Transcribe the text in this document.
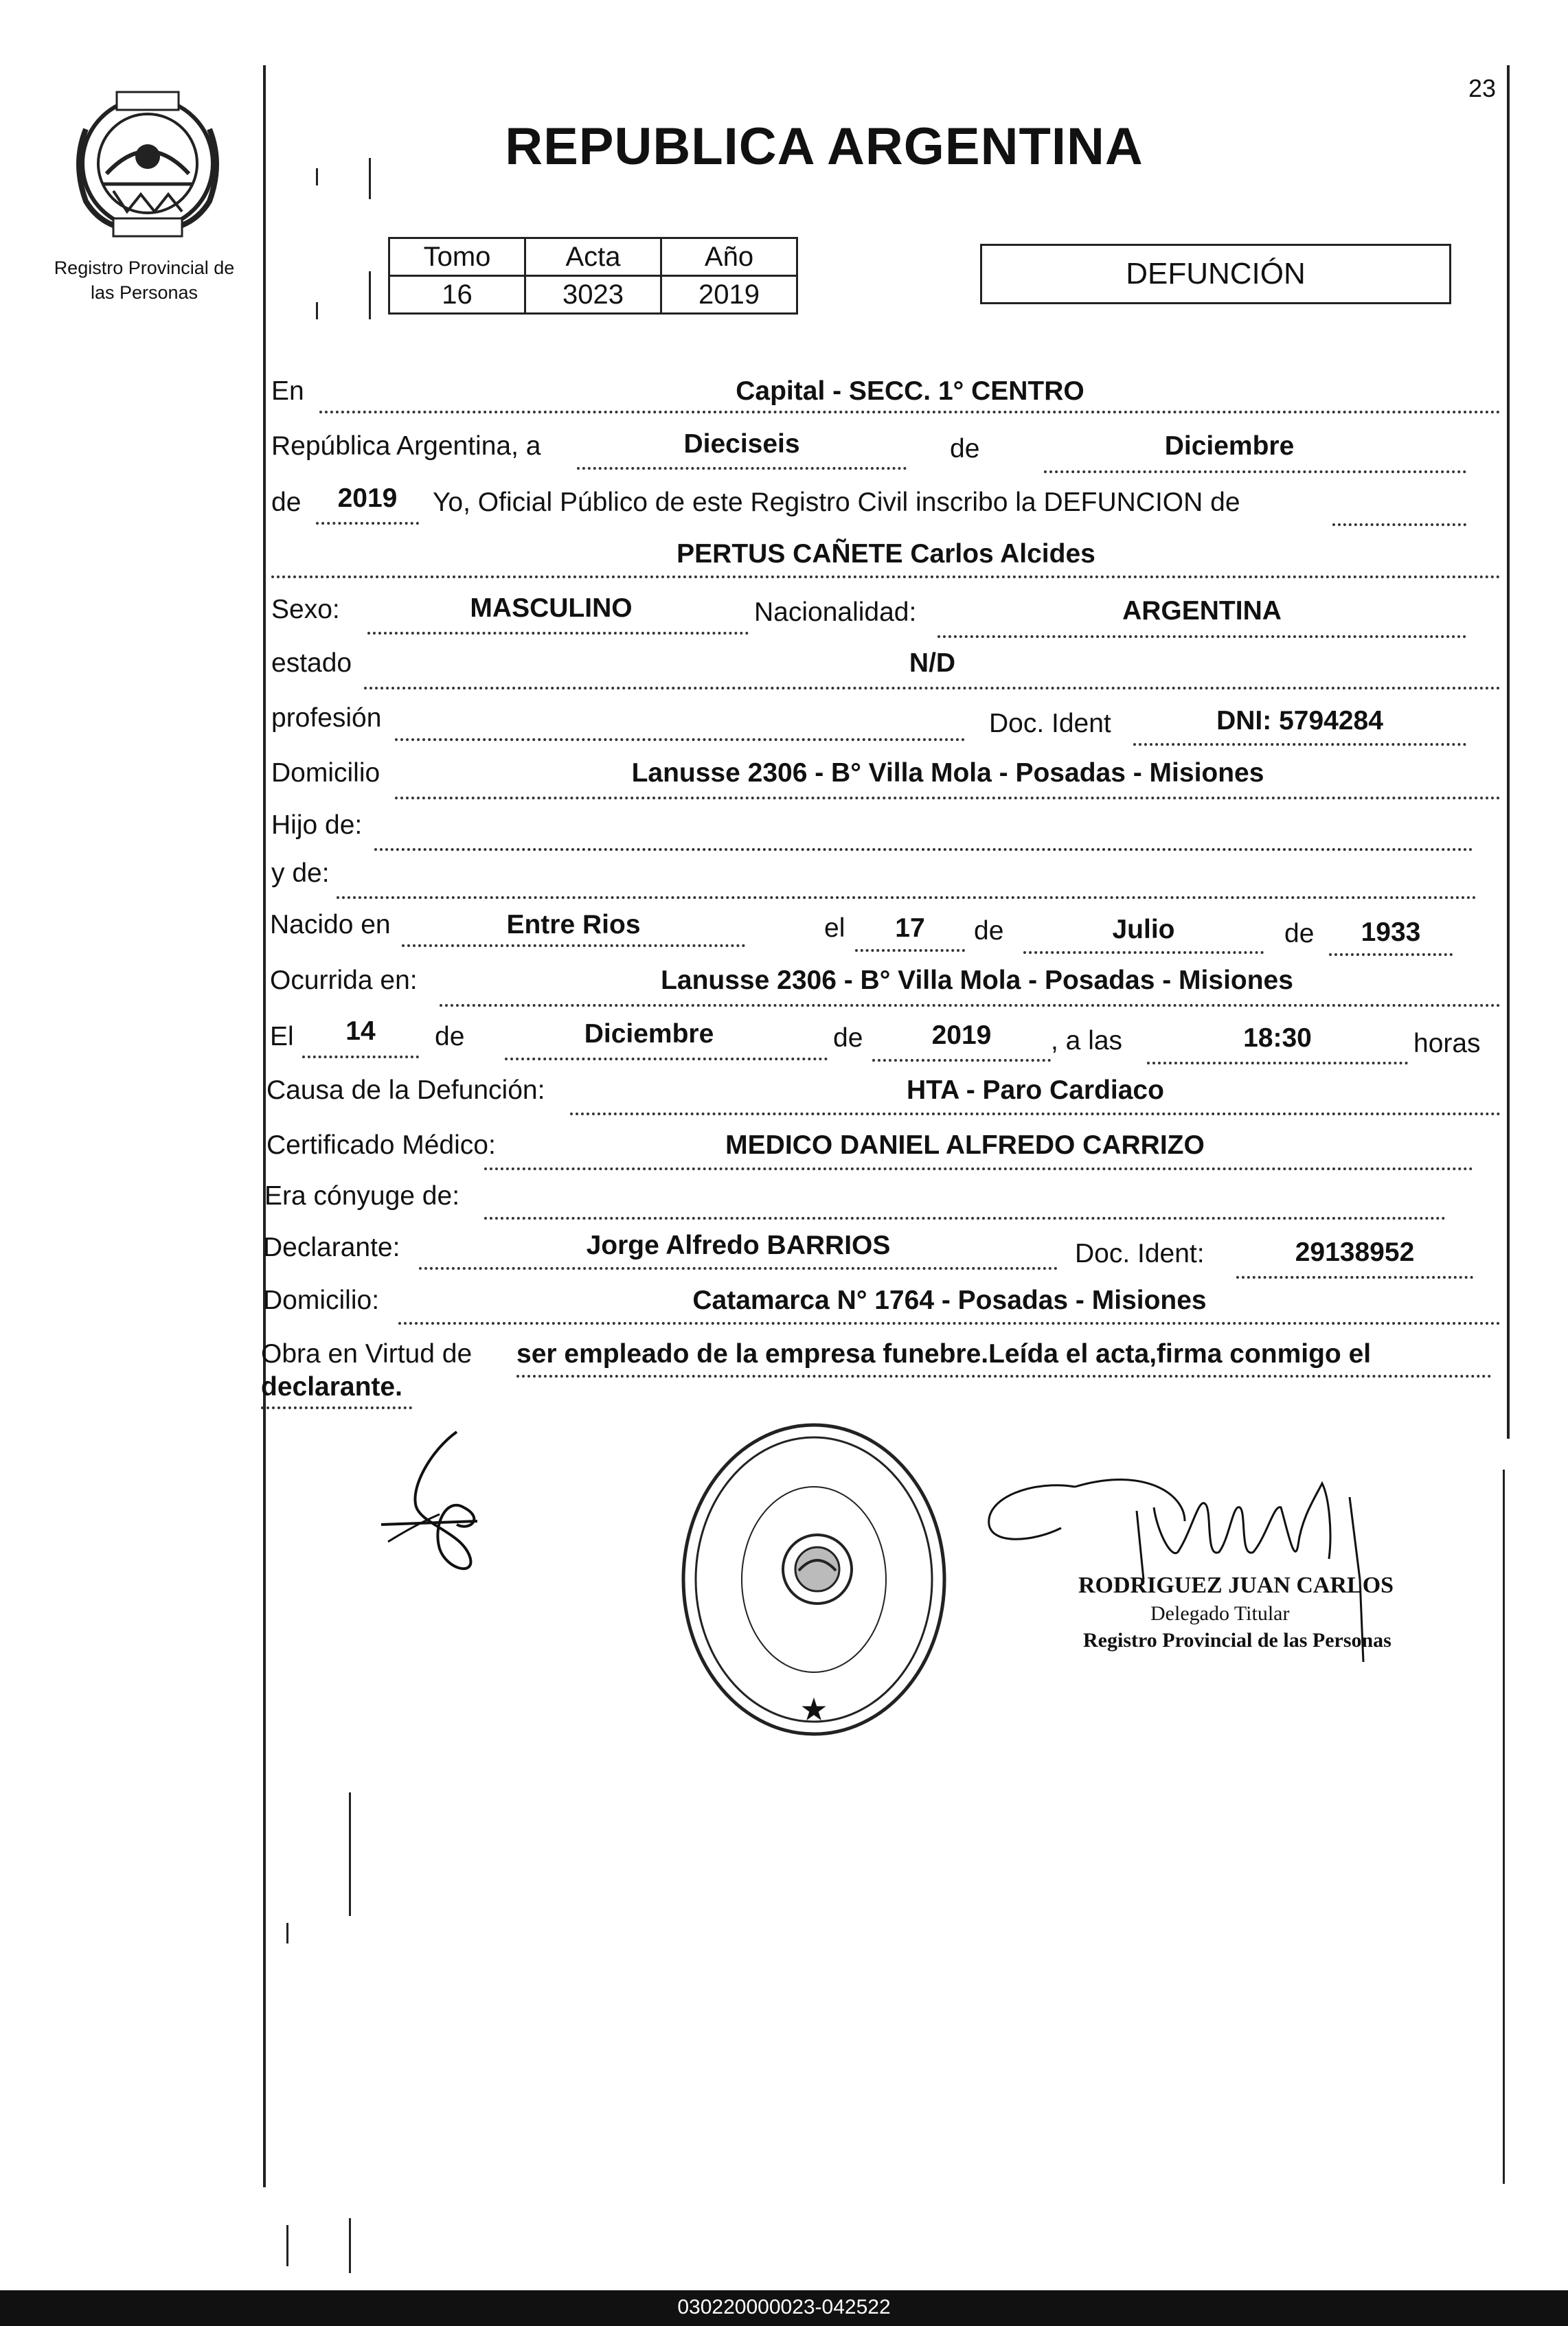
23
Registro Provincial de
las Personas
REPUBLICA ARGENTINA
Tomo	Acta	Año
16	3023	2019
DEFUNCIÓN
En	Capital - SECC. 1° CENTRO
República Argentina, a	Dieciseis	de	Diciembre
de	2019	Yo, Oficial Público de este Registro Civil inscribo la DEFUNCION de
PERTUS CAÑETE Carlos Alcides
Sexo:	MASCULINO	Nacionalidad:	ARGENTINA
estado	N/D
profesión	Doc. Ident	DNI: 5794284
Domicilio	Lanusse 2306 - B° Villa Mola - Posadas - Misiones
Hijo de:
y de:
Nacido en	Entre Rios	el	17	de	Julio	de	1933
Ocurrida en:	Lanusse 2306 - B° Villa Mola - Posadas - Misiones
El	14	de	Diciembre	de	2019	, a las	18:30	horas
Causa de la Defunción:	HTA - Paro Cardiaco
Certificado Médico:	MEDICO DANIEL ALFREDO CARRIZO
Era cónyuge de:
Declarante:	Jorge Alfredo BARRIOS	Doc. Ident:	29138952
Domicilio:	Catamarca N° 1764 - Posadas - Misiones
Obra en Virtud de ser empleado de la empresa funebre.Leída el acta,firma conmigo el
declarante.
★
RODRIGUEZ JUAN CARLOS
Delegado Titular
Registro Provincial de las Personas
030220000023-042522
